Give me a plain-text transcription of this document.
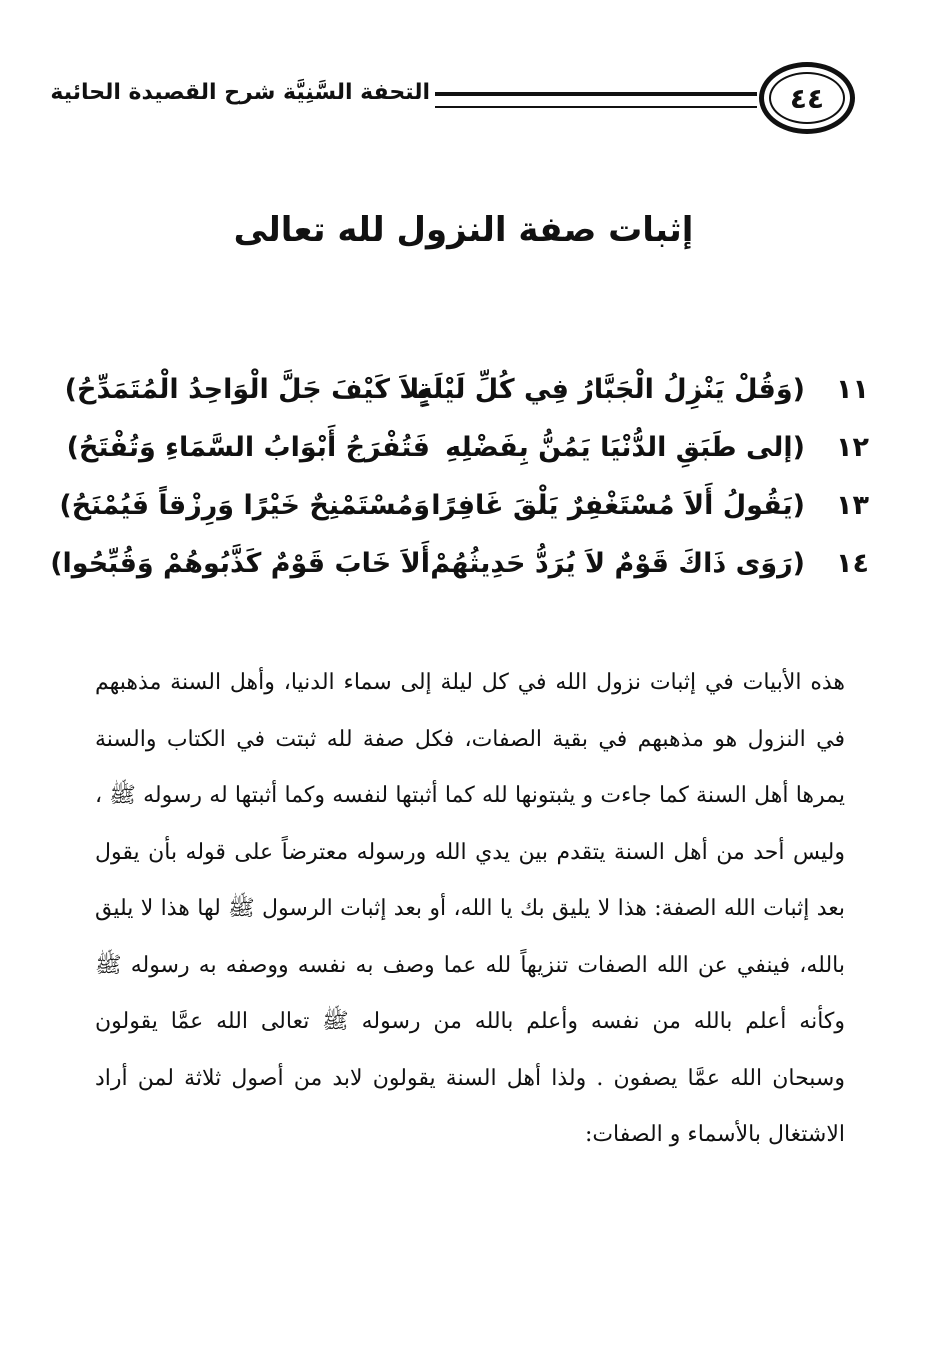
التحفة السَّنِيَّة شرح القصيدة الحائية	٤٤
إثبات صفة النزول لله تعالى
١١
(وَقُلْ يَنْزِلُ الْجَبَّارُ فِي كُلِّ لَيْلَةٍ
بِلاَ كَيْفَ جَلَّ الْوَاحِدُ الْمُتَمَدِّحُ)
١٢
(إلى طَبَقِ الدُّنْيَا يَمُنُّ بِفَضْلِهِ
فَتُفْرَجُ أَبْوَابُ السَّمَاءِ وَتُفْتَحُ)
١٣
(يَقُولُ أَلاَ مُسْتَغْفِرٌ يَلْقَ غَافِرًا
وَمُسْتَمْنِحٌ خَيْرًا وَرِزْقاً فَيُمْنَحُ)
١٤
(رَوَى ذَاكَ قَوْمٌ لاَ يُرَدُّ حَدِيثُهُمْ
أَلاَ خَابَ قَوْمٌ كَذَّبُوهُمْ وَقُبِّحُوا)
هذه الأبيات في إثبات نزول الله في كل ليلة إلى سماء الدنيا، وأهل السنة مذهبهم في النزول هو مذهبهم في بقية الصفات، فكل صفة لله ثبتت في الكتاب والسنة يمرها أهل السنة كما جاءت و يثبتونها لله كما أثبتها لنفسه وكما أثبتها له رسوله ﷺ ، وليس أحد من أهل السنة يتقدم بين يدي الله ورسوله معترضاً على قوله بأن يقول بعد إثبات الله الصفة: هذا لا يليق بك يا الله، أو بعد إثبات الرسول ﷺ لها هذا لا يليق بالله، فينفي عن الله الصفات تنزيهاً لله عما وصف به نفسه ووصفه به رسوله ﷺ وكأنه أعلم بالله من نفسه وأعلم بالله من رسوله ﷺ تعالى الله عمَّا يقولون وسبحان الله عمَّا يصفون . ولذا أهل السنة يقولون لابد من أصول ثلاثة لمن أراد الاشتغال بالأسماء و الصفات:
